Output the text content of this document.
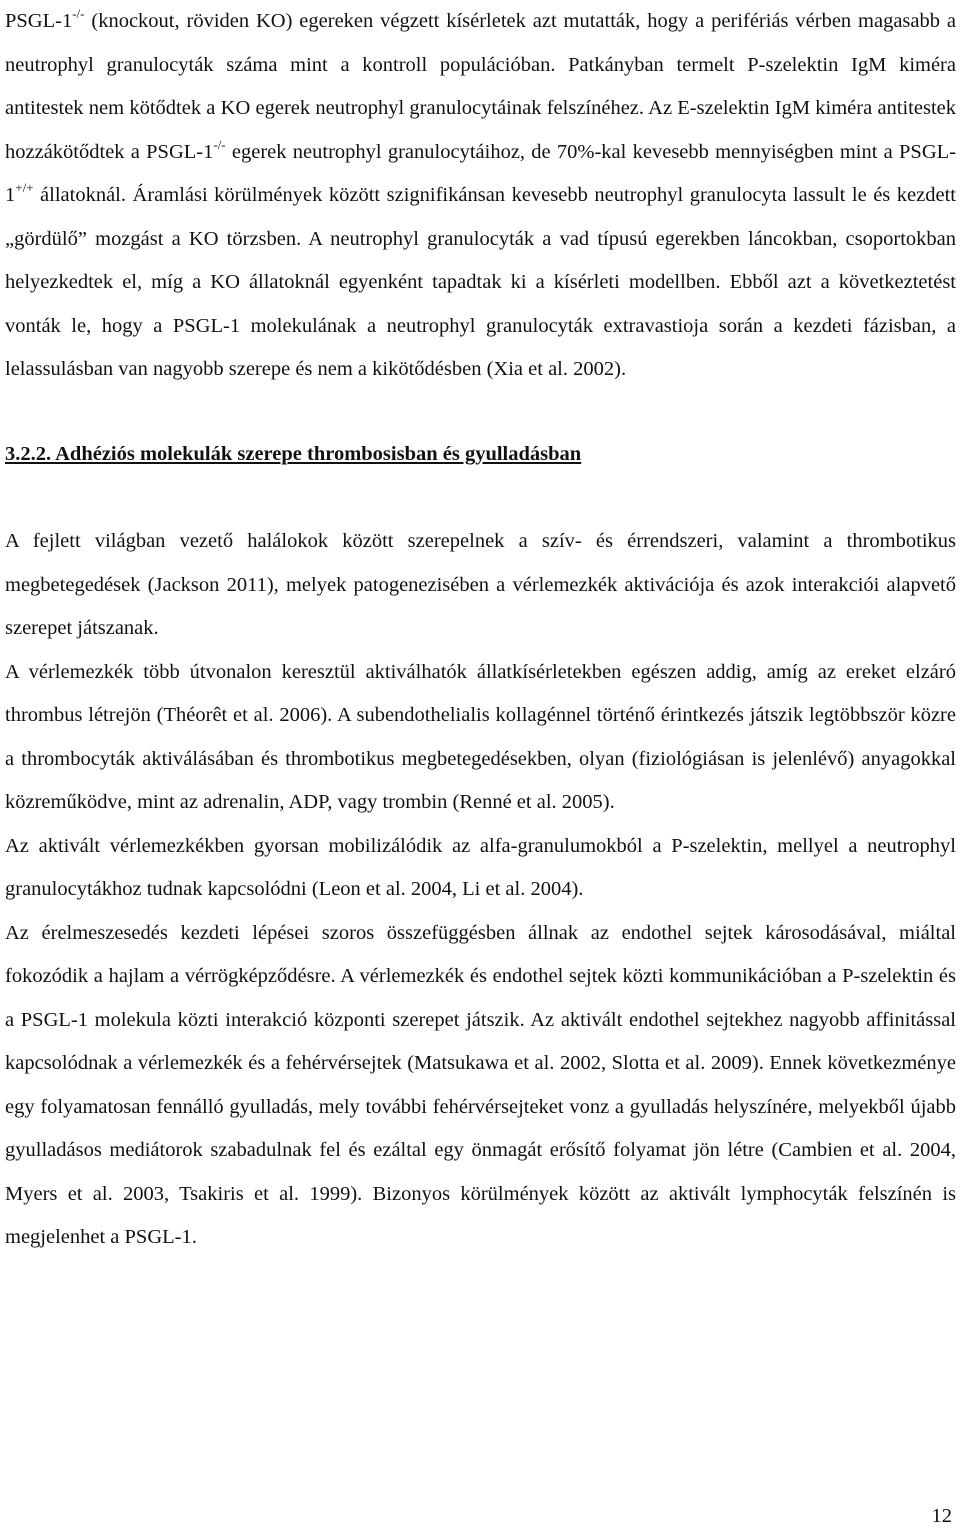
PSGL-1-/- (knockout, röviden KO) egereken végzett kísérletek azt mutatták, hogy a perifériás vérben magasabb a neutrophyl granulocyták száma mint a kontroll populációban. Patkányban termelt P-szelektin IgM kiméra antitestek nem kötődtek a KO egerek neutrophyl granulocytáinak felszínéhez. Az E-szelektin IgM kiméra antitestek hozzákötődtek a PSGL-1-/- egerek neutrophyl granulocytáihoz, de 70%-kal kevesebb mennyiségben mint a PSGL-1+/+ állatoknál. Áramlási körülmények között szignifikánsan kevesebb neutrophyl granulocyta lassult le és kezdett „gördülő” mozgást a KO törzsben. A neutrophyl granulocyták a vad típusú egerekben láncokban, csoportokban helyezkedtek el, míg a KO állatoknál egyenként tapadtak ki a kísérleti modellben. Ebből azt a következtetést vonták le, hogy a PSGL-1 molekulának a neutrophyl granulocyták extravastioja során a kezdeti fázisban, a lelassulásban van nagyobb szerepe és nem a kikötődésben (Xia et al. 2002).

3.2.2. Adhéziós molekulák szerepe thrombosisban és gyulladásban

A fejlett világban vezető halálokok között szerepelnek a szív- és érrendszeri, valamint a thrombotikus megbetegedések (Jackson 2011), melyek patogenezisében a vérlemezkék aktivációja és azok interakciói alapvető szerepet játszanak.

A vérlemezkék több útvonalon keresztül aktiválhatók állatkísérletekben egészen addig, amíg az ereket elzáró thrombus létrejön (Théorêt et al. 2006). A subendothelialis kollagénnel történő érintkezés játszik legtöbbször közre a thrombocyták aktiválásában és thrombotikus megbetegedésekben, olyan (fiziológiásan is jelenlévő) anyagokkal közreműködve, mint az adrenalin, ADP, vagy trombin (Renné et al. 2005).

Az aktivált vérlemezkékben gyorsan mobilizálódik az alfa-granulumokból a P-szelektin, mellyel a neutrophyl granulocytákhoz tudnak kapcsolódni (Leon et al. 2004, Li et al. 2004).

Az érelmeszesedés kezdeti lépései szoros összefüggésben állnak az endothel sejtek károsodásával, miáltal fokozódik a hajlam a vérrögképződésre. A vérlemezkék és endothel sejtek közti kommunikációban a P-szelektin és a PSGL-1 molekula közti interakció központi szerepet játszik. Az aktivált endothel sejtekhez nagyobb affinitással kapcsolódnak a vérlemezkék és a fehérvérsejtek (Matsukawa et al. 2002, Slotta et al. 2009). Ennek következménye egy folyamatosan fennálló gyulladás, mely további fehérvérsejteket vonz a gyulladás helyszínére, melyekből újabb gyulladásos mediátorok szabadulnak fel és ezáltal egy önmagát erősítő folyamat jön létre (Cambien et al. 2004, Myers et al. 2003, Tsakiris et al. 1999). Bizonyos körülmények között az aktivált lymphocyták felszínén is megjelenhet a PSGL-1.

12
